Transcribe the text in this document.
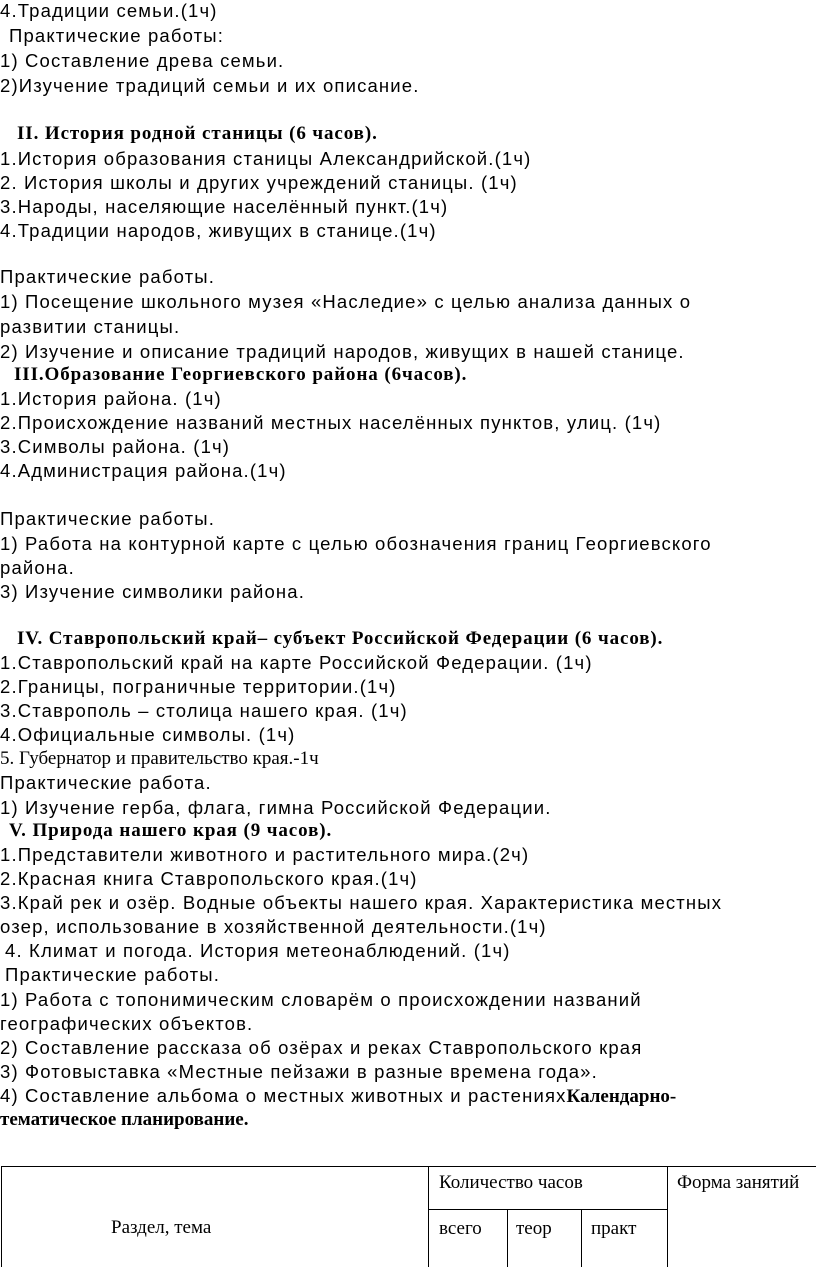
4.Традиции семьи.(1ч)
Практические работы:
1) Составление древа семьи.
2)Изучение традиций семьи и их описание.
II. История родной станицы (6 часов).
1.История образования станицы Александрийской.(1ч)
2. История школы и других учреждений станицы. (1ч)
3.Народы, населяющие населённый пункт.(1ч)
4.Традиции народов, живущих в станице.(1ч)
Практические работы.
1) Посещение школьного музея «Наследие» с целью анализа данных о
развитии станицы.
2) Изучение и описание традиций народов, живущих в нашей станице.
III.Образование Георгиевского района (6часов).
1.История района. (1ч)
2.Происхождение названий местных населённых пунктов, улиц. (1ч)
3.Символы района. (1ч)
4.Администрация района.(1ч)
Практические работы.
1) Работа на контурной карте с целью обозначения границ Георгиевского
района.
3) Изучение символики района.
IV. Ставропольский край– субъект Российской Федерации (6 часов).
1.Ставропольский край на карте Российской Федерации. (1ч)
2.Границы, пограничные территории.(1ч)
3.Ставрополь – столица нашего края. (1ч)
4.Официальные символы. (1ч)
5. Губернатор и правительство края.-1ч
Практические работа.
1) Изучение герба, флага, гимна Российской Федерации.
V. Природа нашего края (9 часов).
1.Представители животного и растительного мира.(2ч)
2.Красная книга Ставропольского края.(1ч)
3.Край рек и озёр. Водные объекты нашего края. Характеристика местных
озер, использование в хозяйственной деятельности.(1ч)
4. Климат и погода. История метеонаблюдений. (1ч)
Практические работы.
1) Работа с топонимическим словарём о происхождении названий
географических объектов.
2) Составление рассказа об озёрах и реках Ставропольского края
3) Фотовыставка «Местные пейзажи в разные времена года».
4) Составление альбома о местных животных и растенияхКалендарно-
тематическое планирование.
Раздел, тема
Количество часов	Форма занятий
всего теор практ
